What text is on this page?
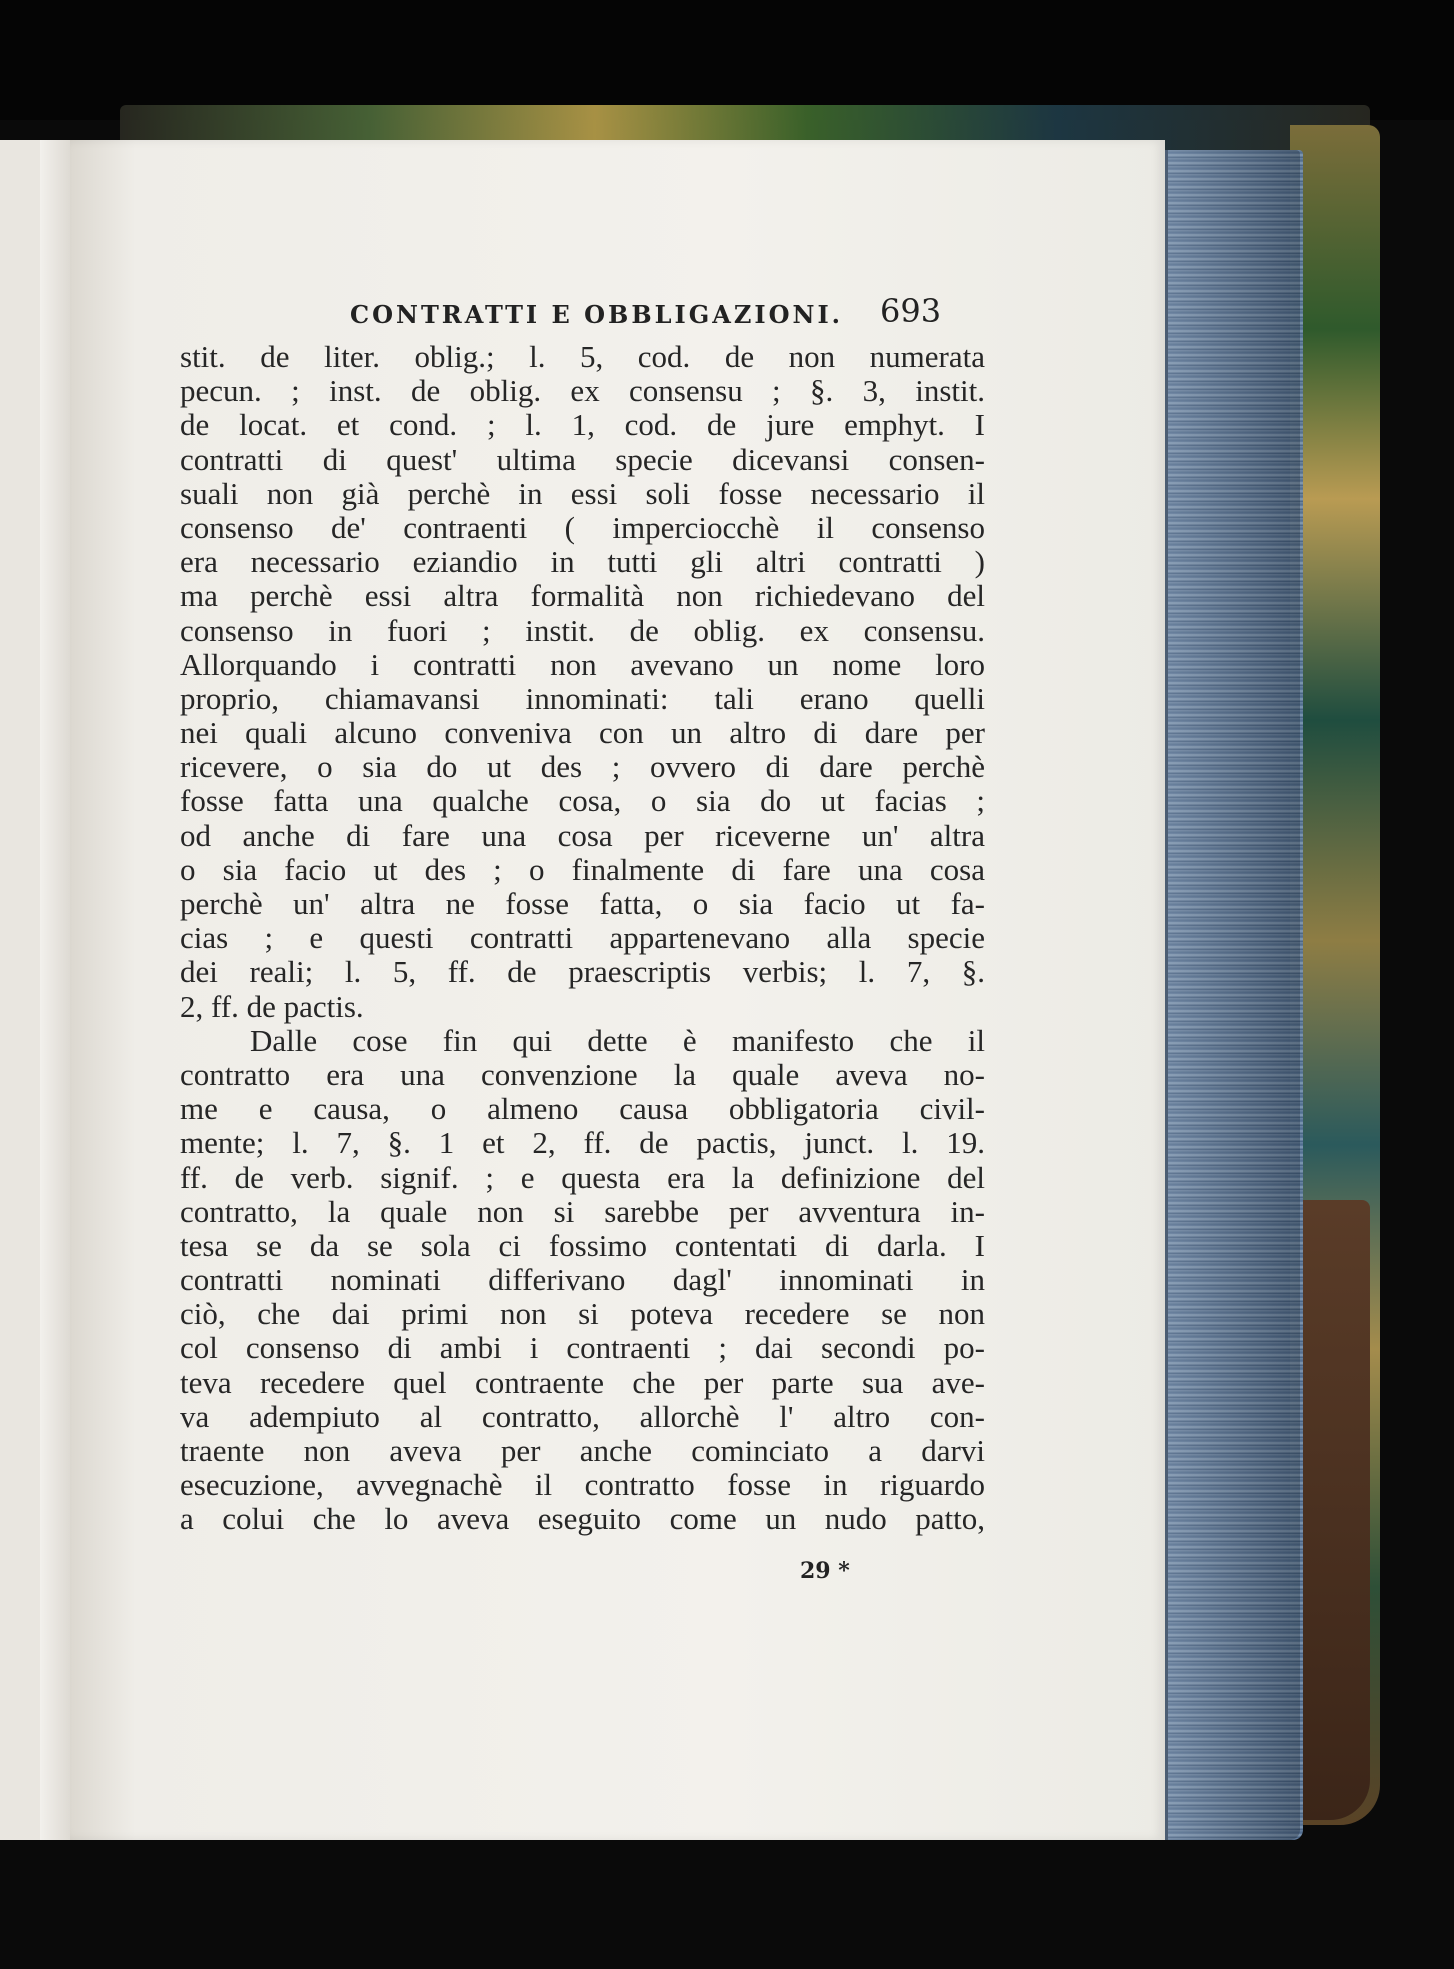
CONTRATTI E OBBLIGAZIONI. 693
stit. de liter. oblig.; l. 5, cod. de non numerata
pecun. ; inst. de oblig. ex consensu ; §. 3, instit.
de locat. et cond. ; l. 1, cod. de jure emphyt. I
contratti di quest' ultima specie dicevansi consen-
suali non già perchè in essi soli fosse necessario il
consenso de' contraenti ( imperciocchè il consenso
era necessario eziandio in tutti gli altri contratti )
ma perchè essi altra formalità non richiedevano del
consenso in fuori ; instit. de oblig. ex consensu.
Allorquando i contratti non avevano un nome loro
proprio, chiamavansi innominati: tali erano quelli
nei quali alcuno conveniva con un altro di dare per
ricevere, o sia do ut des ; ovvero di dare perchè
fosse fatta una qualche cosa, o sia do ut facias ;
od anche di fare una cosa per riceverne un' altra
o sia facio ut des ; o finalmente di fare una cosa
perchè un' altra ne fosse fatta, o sia facio ut fa-
cias ; e questi contratti appartenevano alla specie
dei reali; l. 5, ff. de praescriptis verbis; l. 7, §.
2, ff. de pactis.
Dalle cose fin qui dette è manifesto che il
contratto era una convenzione la quale aveva no-
me e causa, o almeno causa obbligatoria civil-
mente; l. 7, §. 1 et 2, ff. de pactis, junct. l. 19.
ff. de verb. signif. ; e questa era la definizione del
contratto, la quale non si sarebbe per avventura in-
tesa se da se sola ci fossimo contentati di darla. I
contratti nominati differivano dagl' innominati in
ciò, che dai primi non si poteva recedere se non
col consenso di ambi i contraenti ; dai secondi po-
teva recedere quel contraente che per parte sua ave-
va adempiuto al contratto, allorchè l' altro con-
traente non aveva per anche cominciato a darvi
esecuzione, avvegnachè il contratto fosse in riguardo
a colui che lo aveva eseguito come un nudo patto,
29 *
